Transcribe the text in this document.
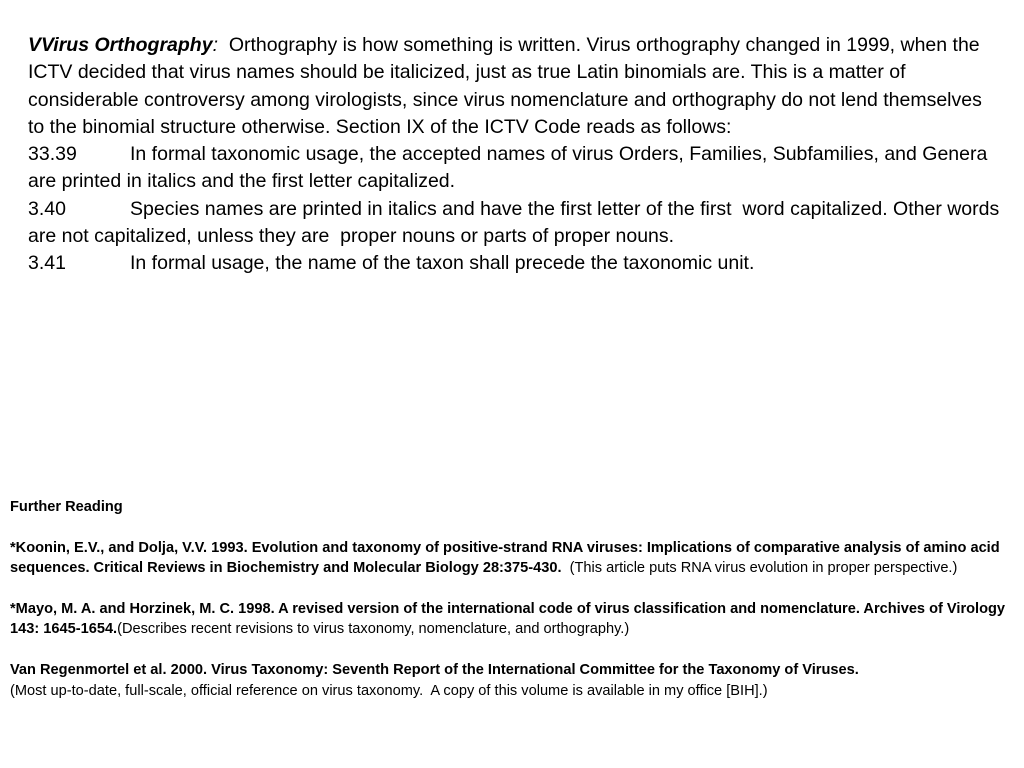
VVirus Orthography:  Orthography is how something is written. Virus orthography changed in 1999, when the ICTV decided that virus names should be italicized, just as true Latin binomials are. This is a matter of considerable controversy among virologists, since virus nomenclature and orthography do not lend themselves to the binomial structure otherwise. Section IX of the ICTV Code reads as follows:

33.39	In formal taxonomic usage, the accepted names of virus Orders, Families, Subfamilies, and Genera are printed in italics and the first letter capitalized.

3.40	Species names are printed in italics and have the first letter of the first  word capitalized. Other words are not capitalized, unless they are  proper nouns or parts of proper nouns.

3.41	In formal usage, the name of the taxon shall precede the taxonomic unit.

Further Reading

*Koonin, E.V., and Dolja, V.V. 1993. Evolution and taxonomy of positive-strand RNA viruses: Implications of comparative analysis of amino acid sequences. Critical Reviews in Biochemistry and Molecular Biology 28:375-430.  (This article puts RNA virus evolution in proper perspective.)

*Mayo, M. A. and Horzinek, M. C. 1998. A revised version of the international code of virus classification and nomenclature. Archives of Virology 143: 1645-1654.(Describes recent revisions to virus taxonomy, nomenclature, and orthography.)

Van Regenmortel et al. 2000. Virus Taxonomy: Seventh Report of the International Committee for the Taxonomy of Viruses.
(Most up-to-date, full-scale, official reference on virus taxonomy.  A copy of this volume is available in my office [BIH].)
